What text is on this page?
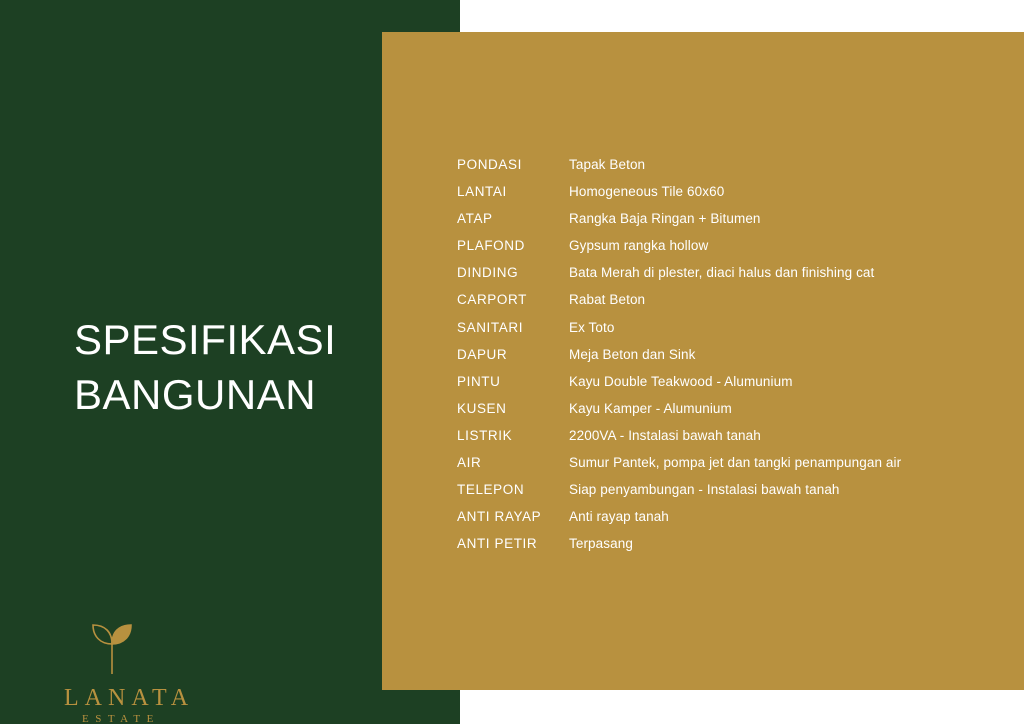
SPESIFIKASI
BANGUNAN
PONDASI	Tapak Beton
LANTAI	Homogeneous Tile 60x60
ATAP	Rangka Baja Ringan + Bitumen
PLAFOND	Gypsum rangka hollow
DINDING	Bata Merah di plester, diaci halus dan finishing cat
CARPORT	Rabat Beton
SANITARI	Ex Toto
DAPUR	Meja Beton dan Sink
PINTU	Kayu Double Teakwood - Alumunium
KUSEN	Kayu Kamper - Alumunium
LISTRIK	2200VA - Instalasi bawah tanah
AIR	Sumur Pantek, pompa jet dan tangki penampungan air
TELEPON	Siap penyambungan - Instalasi bawah tanah
ANTI RAYAP	Anti rayap tanah
ANTI PETIR	Terpasang
LANATA
ESTATE
